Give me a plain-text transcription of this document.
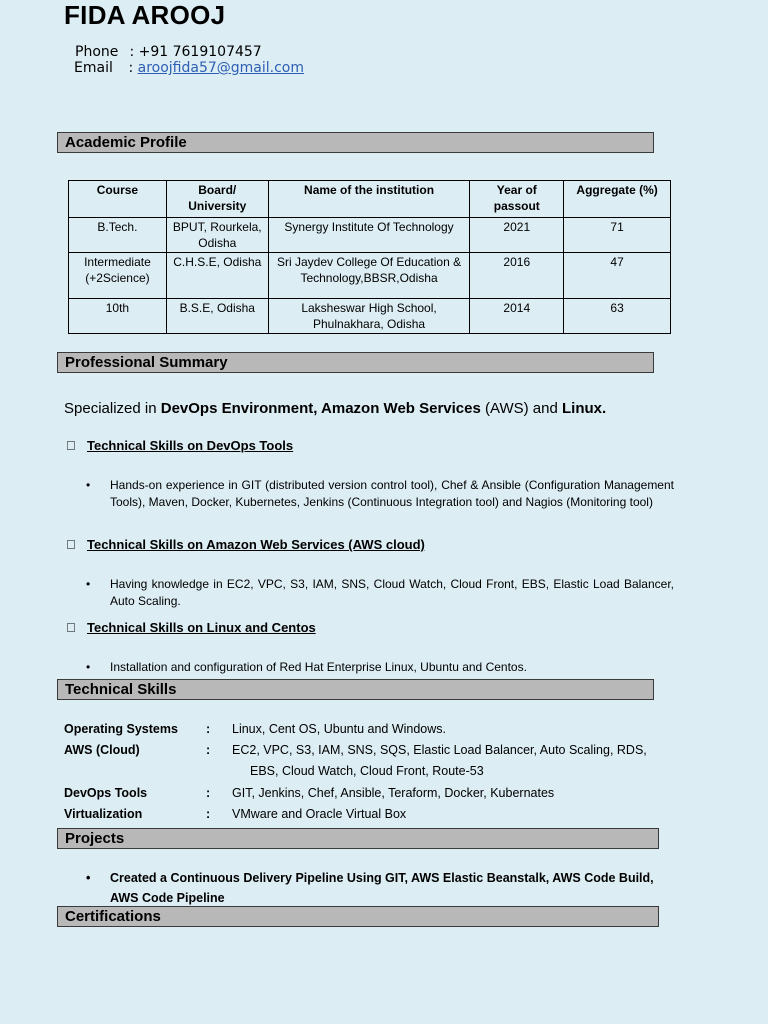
FIDA AROOJ
Phone : +91 7619107457
Email : aroojfida57@gmail.com
Academic Profile
Course	Board/ University	Name of the institution	Year of passout	Aggregate (%)
B.Tech.	BPUT, Rourkela, Odisha	Synergy Institute Of Technology	2021	71
Intermediate (+2Science)	C.H.S.E, Odisha	Sri Jaydev College Of Education & Technology,BBSR,Odisha	2016	47
10th	B.S.E, Odisha	Laksheswar High School, Phulnakhara, Odisha	2014	63
Professional Summary
Specialized in DevOps Environment, Amazon Web Services (AWS) and Linux.
Technical Skills on DevOps Tools
• Hands-on experience in GIT (distributed version control tool), Chef & Ansible (Configuration Management Tools), Maven, Docker, Kubernetes, Jenkins (Continuous Integration tool) and Nagios (Monitoring tool)
Technical Skills on Amazon Web Services (AWS cloud)
• Having knowledge in EC2, VPC, S3, IAM, SNS, Cloud Watch, Cloud Front, EBS, Elastic Load Balancer, Auto Scaling.
Technical Skills on Linux and Centos
• Installation and configuration of Red Hat Enterprise Linux, Ubuntu and Centos.
Technical Skills
Operating Systems : Linux, Cent OS, Ubuntu and Windows.
AWS (Cloud)	: EC2, VPC, S3, IAM, SNS, SQS, Elastic Load Balancer, Auto Scaling, RDS,
EBS, Cloud Watch, Cloud Front, Route-53
DevOps Tools	: GIT, Jenkins, Chef, Ansible, Teraform, Docker, Kubernates
Virtualization	: VMware and Oracle Virtual Box
Projects
• Created a Continuous Delivery Pipeline Using GIT, AWS Elastic Beanstalk, AWS Code Build, AWS Code Pipeline
Certifications
